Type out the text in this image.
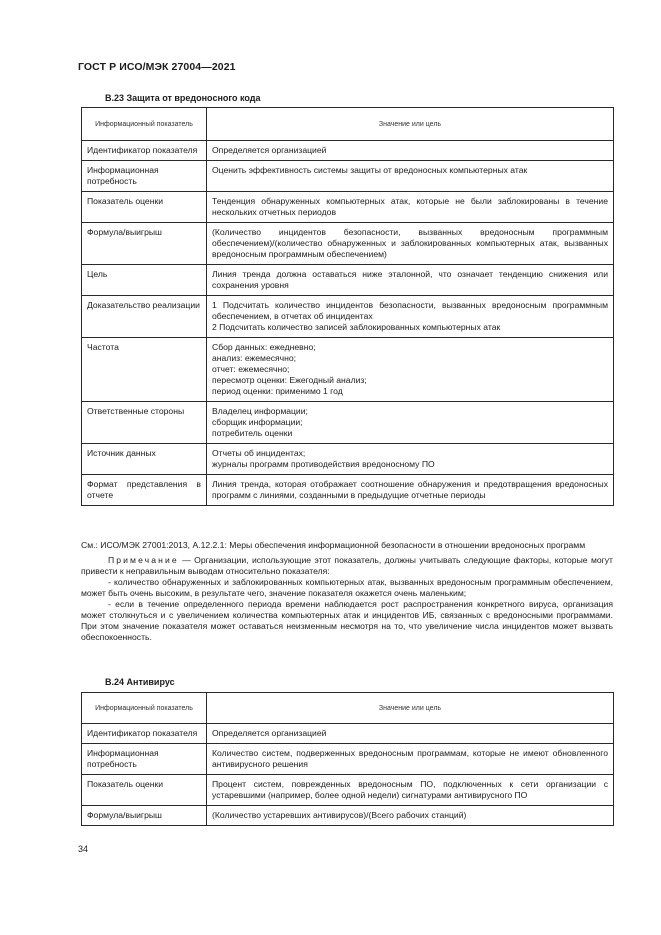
ГОСТ Р ИСО/МЭК 27004—2021
B.23 Защита от вредоносного кода
Информационный показатель	Значение или цель
Идентификатор показателя	Определяется организацией

Информационная потребность	Оценить эффективность системы защиты от вредоносных компьютерных атак

Показатель оценки	Тенденция обнаруженных компьютерных атак, которые не были заблокированы в течение нескольких отчетных периодов

Формула/выигрыш	(Количество инцидентов безопасности, вызванных вредоносным программным обеспечением)/(количество обнаруженных и заблокированных компьютерных атак, вызванных вредоносным программным обеспечением)

Цель	Линия тренда должна оставаться ниже эталонной, что означает тенденцию снижения или сохранения уровня

Доказательство реализации	1 Подсчитать количество инцидентов безопасности, вызванных вредоносным программным обеспечением, в отчетах об инцидентах
2 Подсчитать количество записей заблокированных компьютерных атак

Частота	Сбор данных: ежедневно;
анализ: ежемесячно;
отчет: ежемесячно;
пересмотр оценки: Ежегодный анализ;
период оценки: применимо 1 год

Ответственные стороны	Владелец информации;
сборщик информации;
потребитель оценки

Источник данных	Отчеты об инцидентах;
журналы программ противодействия вредоносному ПО

Формат представления в отчете	Линия тренда, которая отображает соотношение обнаружения и предотвращения вредоносных программ с линиями, созданными в предыдущие отчетные периоды

См.: ИСО/МЭК 27001:2013, А.12.2.1: Меры обеспечения информационной безопасности в отношении вредоносных программ

Примечание — Организации, использующие этот показатель, должны учитывать следующие факторы, которые могут привести к неправильным выводам относительно показателя:

- количество обнаруженных и заблокированных компьютерных атак, вызванных вредоносным программным обеспечением, может быть очень высоким, в результате чего, значение показателя окажется очень маленьким;

- если в течение определенного периода времени наблюдается рост распространения конкретного вируса, организация может столкнуться и с увеличением количества компьютерных атак и инцидентов ИБ, связанных с вредоносными программами. При этом значение показателя может оставаться неизменным несмотря на то, что увеличение числа инцидентов может вызвать обеспокоенность.

B.24 Антивирус
Информационный показатель	Значение или цель
Идентификатор показателя	Определяется организацией

Информационная потребность	Количество систем, подверженных вредоносным программам, которые не имеют обновленного антивирусного решения

Показатель оценки	Процент систем, поврежденных вредоносным ПО, подключенных к сети организации с устаревшими (например, более одной недели) сигнатурами антивирусного ПО

Формула/выигрыш	(Количество устаревших антивирусов)/(Всего рабочих станций)
34
